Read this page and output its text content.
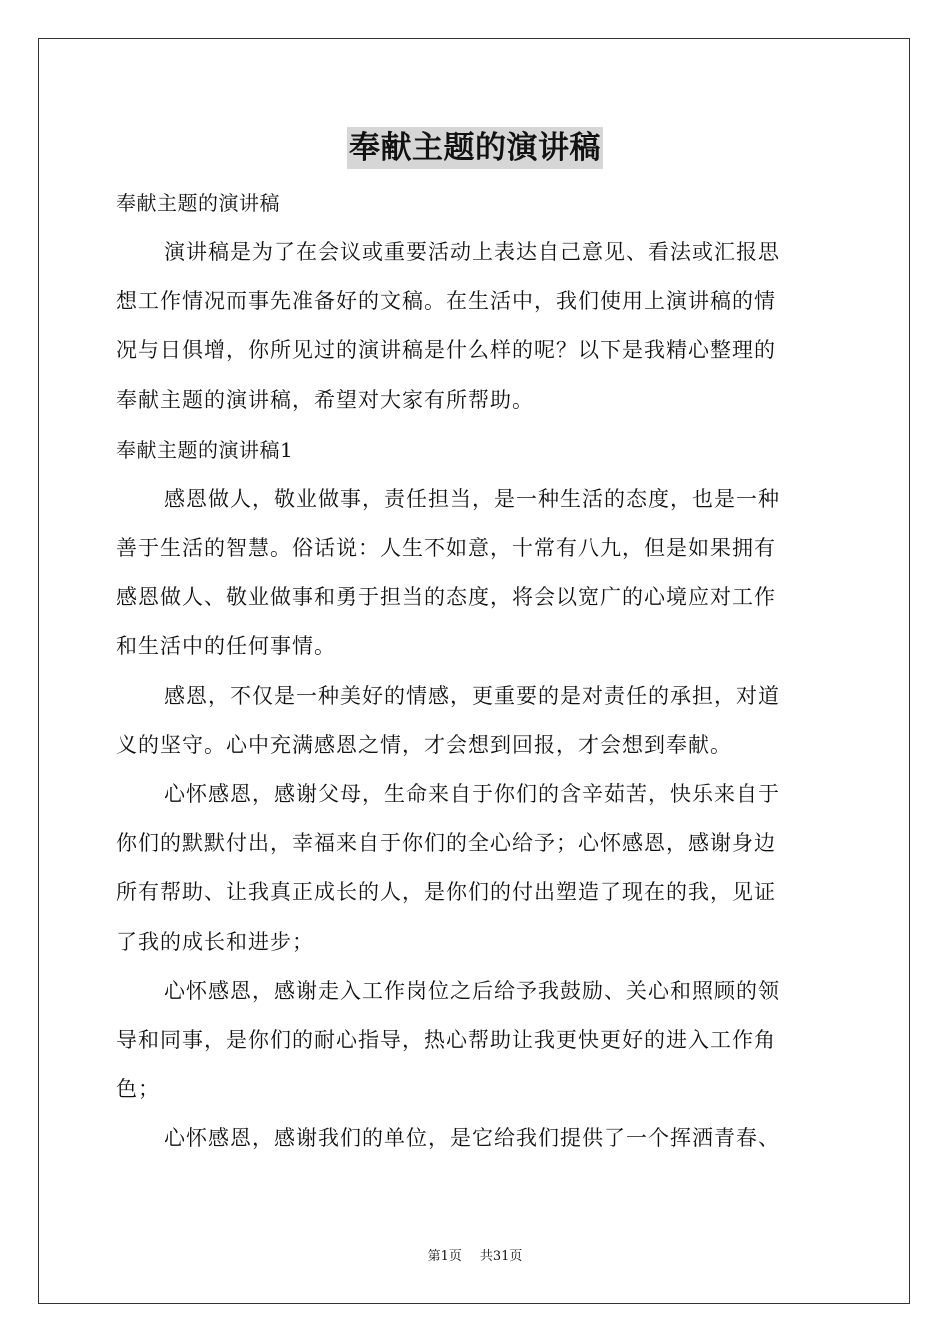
奉献主题的演讲稿
奉献主题的演讲稿
演讲稿是为了在会议或重要活动上表达自己意见、看法或汇报思
想工作情况而事先准备好的文稿。在生活中，我们使用上演讲稿的情
况与日俱增，你所见过的演讲稿是什么样的呢？以下是我精心整理的
奉献主题的演讲稿，希望对大家有所帮助。
奉献主题的演讲稿1
感恩做人，敬业做事，责任担当，是一种生活的态度，也是一种
善于生活的智慧。俗话说：人生不如意，十常有八九，但是如果拥有
感恩做人、敬业做事和勇于担当的态度，将会以宽广的心境应对工作
和生活中的任何事情。
感恩，不仅是一种美好的情感，更重要的是对责任的承担，对道
义的坚守。心中充满感恩之情，才会想到回报，才会想到奉献。
心怀感恩，感谢父母，生命来自于你们的含辛茹苦，快乐来自于
你们的默默付出，幸福来自于你们的全心给予；心怀感恩，感谢身边
所有帮助、让我真正成长的人，是你们的付出塑造了现在的我，见证
了我的成长和进步；
心怀感恩，感谢走入工作岗位之后给予我鼓励、关心和照顾的领
导和同事，是你们的耐心指导，热心帮助让我更快更好的进入工作角
色；
心怀感恩，感谢我们的单位，是它给我们提供了一个挥洒青春、
第1页 共31页
